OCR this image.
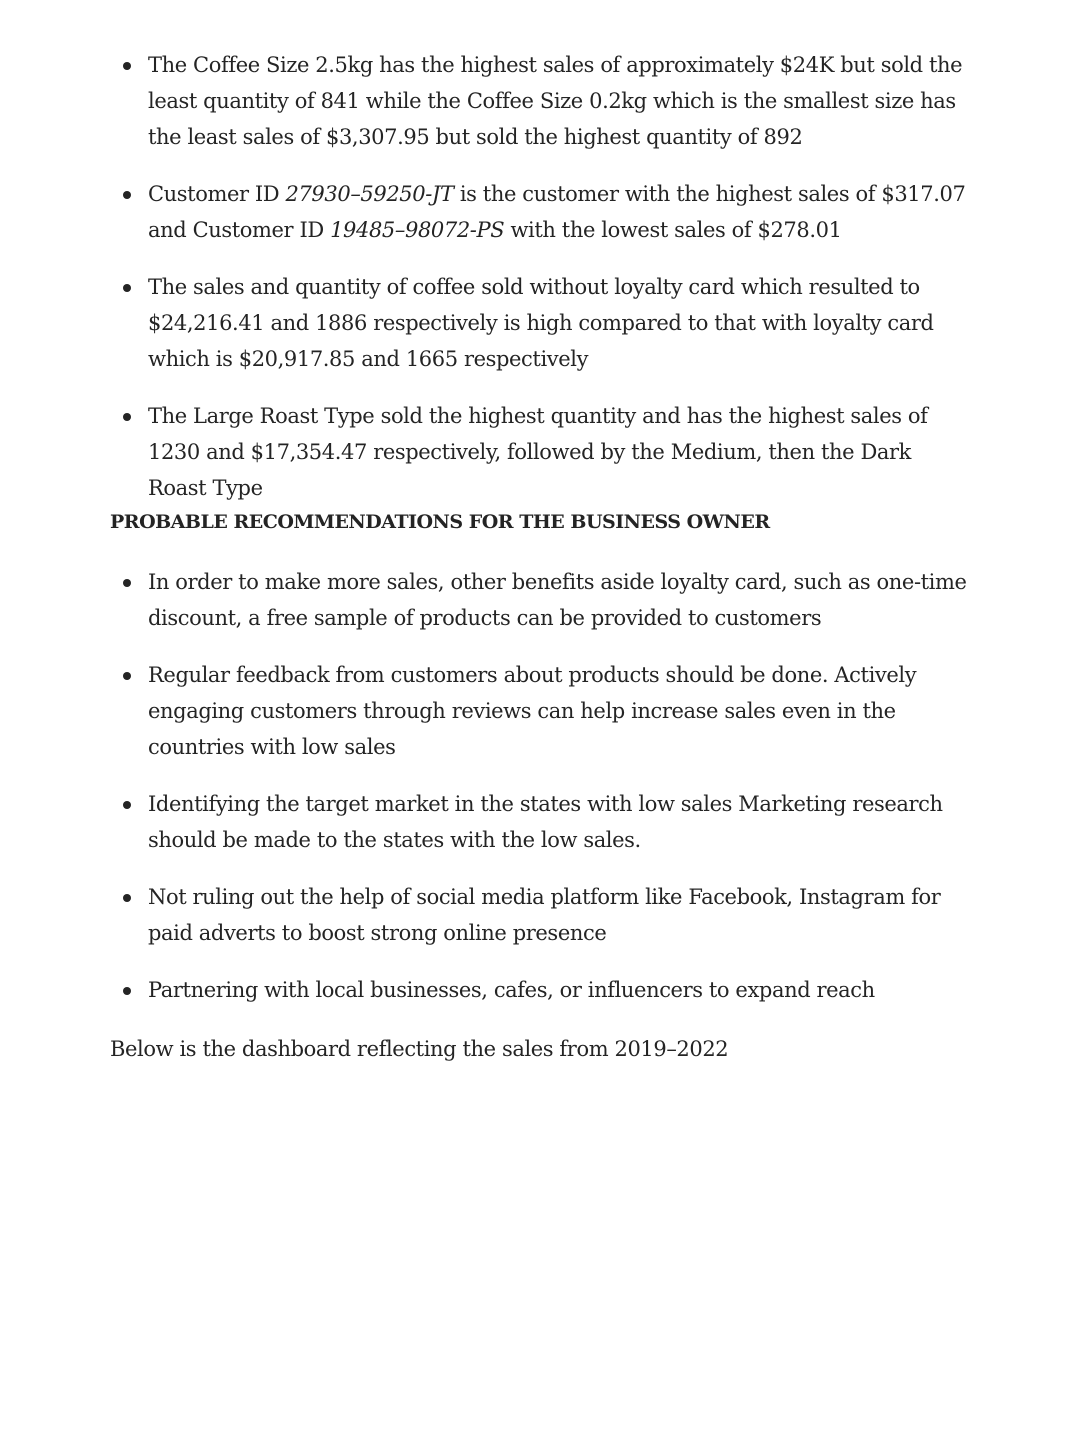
The Coffee Size 2.5kg has the highest sales of approximately $24K but sold the least quantity of 841 while the Coffee Size 0.2kg which is the smallest size has the least sales of $3,307.95 but sold the highest quantity of 892
Customer ID 27930–59250-JT is the customer with the highest sales of $317.07 and Customer ID 19485–98072-PS with the lowest sales of $278.01
The sales and quantity of coffee sold without loyalty card which resulted to $24,216.41 and 1886 respectively is high compared to that with loyalty card which is $20,917.85 and 1665 respectively
The Large Roast Type sold the highest quantity and has the highest sales of 1230 and $17,354.47 respectively, followed by the Medium, then the Dark Roast Type
PROBABLE RECOMMENDATIONS FOR THE BUSINESS OWNER
In order to make more sales, other benefits aside loyalty card, such as one-time discount, a free sample of products can be provided to customers
Regular feedback from customers about products should be done. Actively engaging customers through reviews can help increase sales even in the countries with low sales
Identifying the target market in the states with low sales Marketing research should be made to the states with the low sales.
Not ruling out the help of social media platform like Facebook, Instagram for paid adverts to boost strong online presence
Partnering with local businesses, cafes, or influencers to expand reach

Below is the dashboard reflecting the sales from 2019–2022
